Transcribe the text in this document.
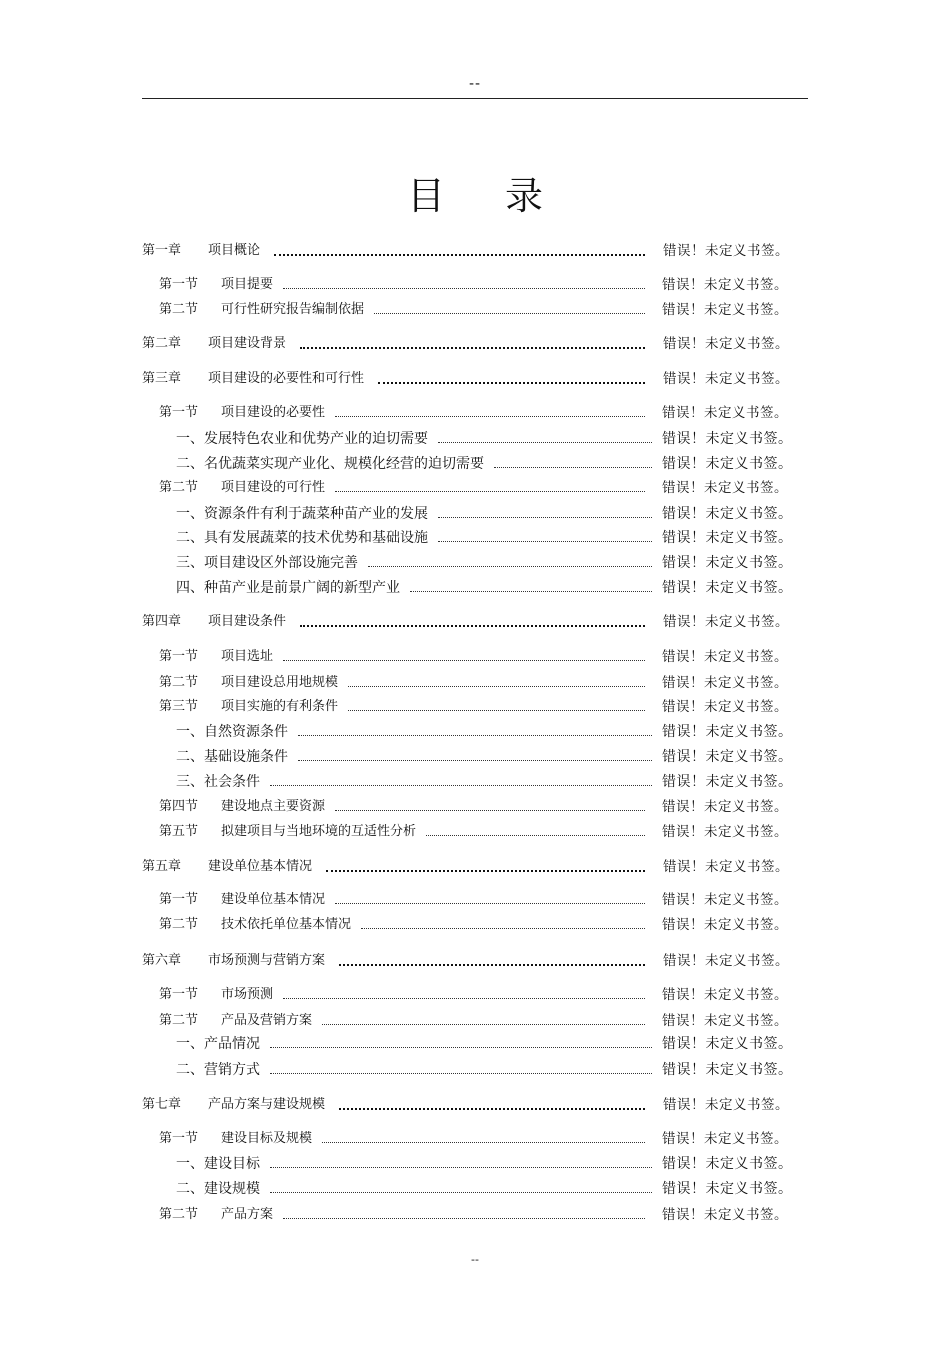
--
目 录
第一章 项目概论	错误！未定义书签。
第一节 项目提要	错误！未定义书签。
第二节 可行性研究报告编制依据	错误！未定义书签。
第二章 项目建设背景	错误！未定义书签。
第三章 项目建设的必要性和可行性	错误！未定义书签。
第一节 项目建设的必要性	错误！未定义书签。
一、发展特色农业和优势产业的迫切需要	错误！未定义书签。
二、名优蔬菜实现产业化、规模化经营的迫切需要	错误！未定义书签。
第二节 项目建设的可行性	错误！未定义书签。
一、资源条件有利于蔬菜种苗产业的发展	错误！未定义书签。
二、具有发展蔬菜的技术优势和基础设施	错误！未定义书签。
三、项目建设区外部设施完善	错误！未定义书签。
四、种苗产业是前景广阔的新型产业	错误！未定义书签。
第四章 项目建设条件	错误！未定义书签。
第一节 项目选址	错误！未定义书签。
第二节 项目建设总用地规模	错误！未定义书签。
第三节 项目实施的有利条件	错误！未定义书签。
一、自然资源条件	错误！未定义书签。
二、基础设施条件	错误！未定义书签。
三、社会条件	错误！未定义书签。
第四节 建设地点主要资源	错误！未定义书签。
第五节 拟建项目与当地环境的互适性分析	错误！未定义书签。
第五章 建设单位基本情况	错误！未定义书签。
第一节 建设单位基本情况	错误！未定义书签。
第二节 技术依托单位基本情况	错误！未定义书签。
第六章 市场预测与营销方案	错误！未定义书签。
第一节 市场预测	错误！未定义书签。
第二节 产品及营销方案	错误！未定义书签。
一、产品情况	错误！未定义书签。
二、营销方式	错误！未定义书签。
第七章 产品方案与建设规模	错误！未定义书签。
第一节 建设目标及规模	错误！未定义书签。
一、建设目标	错误！未定义书签。
二、建设规模	错误！未定义书签。
第二节 产品方案	错误！未定义书签。
--
